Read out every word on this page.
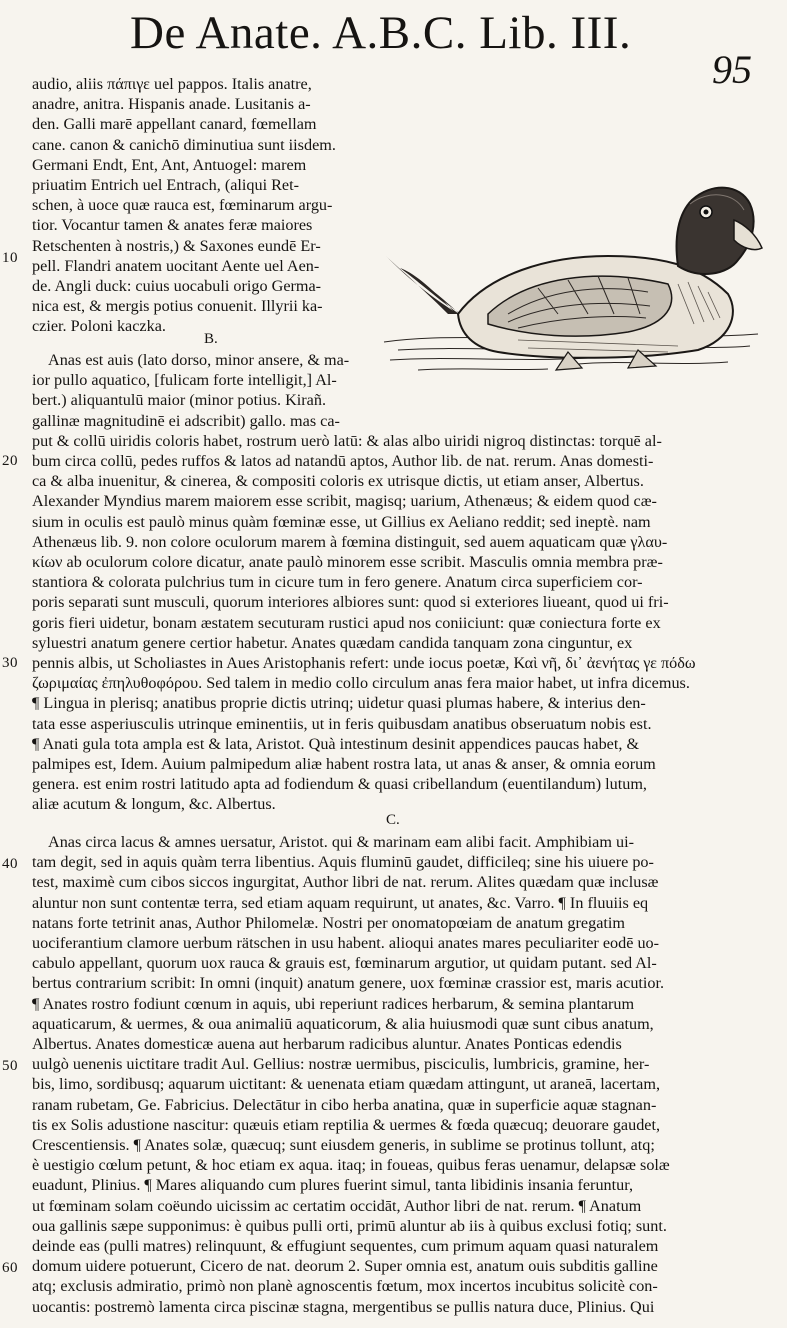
De Anate. A.B.C. Lib. III.
95
10
20
30
40
50
60
B.
C.
audio, aliis πάπιγε uel pappos. Italis anatre,
anadre, anitra. Hispanis anade. Lusitanis a-
den. Galli marē appellant canard, fœmellam
cane. canon & canichō diminutiua sunt iisdem.
Germani Endt, Ent, Ant, Antuogel: marem
priuatim Entrich uel Entrach, (aliqui Ret-
schen, à uoce quæ rauca est, fœminarum argu-
tior. Vocantur tamen & anates feræ maiores
Retschenten à nostris,) & Saxones eundē Er-
pell. Flandri anatem uocitant Aente uel Aen-
de. Angli duck: cuius uocabuli origo Germa-
nica est, & mergis potius conuenit. Illyrii ka-
czier. Poloni kaczka.
Anas est auis (lato dorso, minor ansere, & ma-
ior pullo aquatico, [fulicam forte intelligit,] Al-
bert.) aliquantulū maior (minor potius. Kirañ.
gallinæ magnitudinē ei adscribit) gallo. mas ca-
put & collū uiridis coloris habet, rostrum uerò latū: & alas albo uiridi nigroq distinctas: torquē al-
bum circa collū, pedes ruffos & latos ad natandū aptos, Author lib. de nat. rerum. Anas domesti-
ca & alba inuenitur, & cinerea, & compositi coloris ex utrisque dictis, ut etiam anser, Albertus.
Alexander Myndius marem maiorem esse scribit, magisq; uarium, Athenæus; & eidem quod cæ-
sium in oculis est paulò minus quàm fœminæ esse, ut Gillius ex Aeliano reddit; sed ineptè. nam
Athenæus lib. 9. non colore oculorum marem à fœmina distinguit, sed auem aquaticam quæ γλαυ-
κίων ab oculorum colore dicatur, anate paulò minorem esse scribit. Masculis omnia membra præ-
stantiora & colorata pulchrius tum in cicure tum in fero genere. Anatum circa superficiem cor-
poris separati sunt musculi, quorum interiores albiores sunt: quod si exteriores liueant, quod ui fri-
goris fieri uidetur, bonam æstatem secuturam rustici apud nos coniiciunt: quæ coniectura forte ex
syluestri anatum genere certior habetur. Anates quædam candida tanquam zona cinguntur, ex
pennis albis, ut Scholiastes in Aues Aristophanis refert: unde iocus poetæ, Καὶ νῆ, δι᾽ ἀενήτας γε πόδω
ζωριμαίας ἐπηλυθοφόρου. Sed talem in medio collo circulum anas fera maior habet, ut infra dicemus.
¶ Lingua in plerisq; anatibus proprie dictis utrinq; uidetur quasi plumas habere, & interius den-
tata esse asperiusculis utrinque eminentiis, ut in feris quibusdam anatibus obseruatum nobis est.
¶ Anati gula tota ampla est & lata, Aristot. Quà intestinum desinit appendices paucas habet, &
palmipes est, Idem. Auium palmipedum aliæ habent rostra lata, ut anas & anser, & omnia eorum
genera. est enim rostri latitudo apta ad fodiendum & quasi cribellandum (euentilandum) lutum,
aliæ acutum & longum, &c. Albertus.
Anas circa lacus & amnes uersatur, Aristot. qui & marinam eam alibi facit. Amphibiam ui-
tam degit, sed in aquis quàm terra libentius. Aquis fluminū gaudet, difficileq; sine his uiuere po-
test, maximè cum cibos siccos ingurgitat, Author libri de nat. rerum. Alites quædam quæ inclusæ
aluntur non sunt contentæ terra, sed etiam aquam requirunt, ut anates, &c. Varro. ¶ In fluuiis eq
natans forte tetrinit anas, Author Philomelæ. Nostri per onomatopœiam de anatum gregatim
uociferantium clamore uerbum rätschen in usu habent. alioqui anates mares peculiariter eodē uo-
cabulo appellant, quorum uox rauca & grauis est, fœminarum argutior, ut quidam putant. sed Al-
bertus contrarium scribit: In omni (inquit) anatum genere, uox fœminæ crassior est, maris acutior.
¶ Anates rostro fodiunt cœnum in aquis, ubi reperiunt radices herbarum, & semina plantarum
aquaticarum, & uermes, & oua animaliū aquaticorum, & alia huiusmodi quæ sunt cibus anatum,
Albertus. Anates domesticæ auena aut herbarum radicibus aluntur. Anates Ponticas edendis
uulgò uenenis uictitare tradit Aul. Gellius: nostræ uermibus, pisciculis, lumbricis, gramine, her-
bis, limo, sordibusq; aquarum uictitant: & uenenata etiam quædam attingunt, ut araneā, lacertam,
ranam rubetam, Ge. Fabricius. Delectātur in cibo herba anatina, quæ in superficie aquæ stagnan-
tis ex Solis adustione nascitur: quæuis etiam reptilia & uermes & fœda quæcuq; deuorare gaudet,
Crescentiensis. ¶ Anates solæ, quæcuq; sunt eiusdem generis, in sublime se protinus tollunt, atq;
è uestigio cœlum petunt, & hoc etiam ex aqua. itaq; in foueas, quibus feras uenamur, delapsæ solæ
euadunt, Plinius. ¶ Mares aliquando cum plures fuerint simul, tanta libidinis insania feruntur,
ut fœminam solam coëundo uicissim ac certatim occidāt, Author libri de nat. rerum. ¶ Anatum
oua gallinis sæpe supponimus: è quibus pulli orti, primū aluntur ab iis à quibus exclusi fotiq; sunt.
deinde eas (pulli matres) relinquunt, & effugiunt sequentes, cum primum aquam quasi naturalem
domum uidere potuerunt, Cicero de nat. deorum 2. Super omnia est, anatum ouis subditis galline
atq; exclusis admiratio, primò non planè agnoscentis fœtum, mox incertos incubitus solicitè con-
uocantis: postremò lamenta circa piscinæ stagna, mergentibus se pullis natura duce, Plinius. Qui
